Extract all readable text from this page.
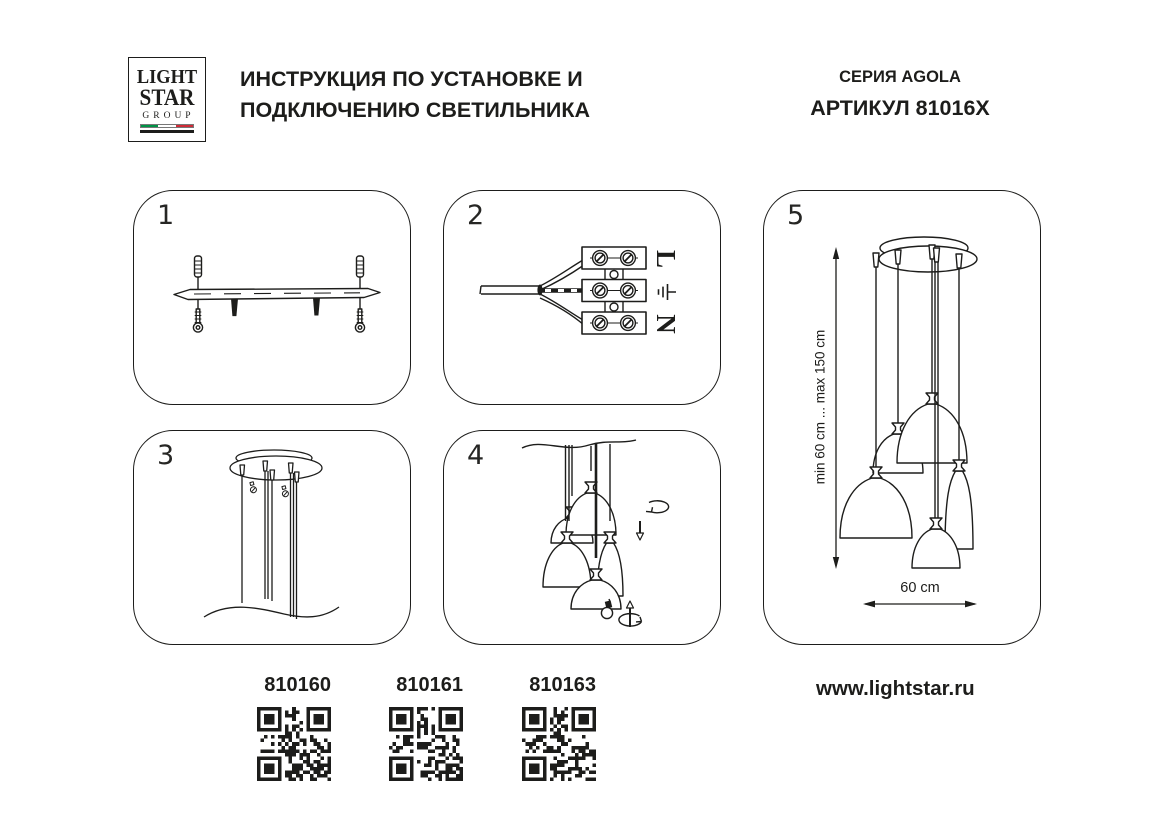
LIGHT
STAR
GROUP
ИНСТРУКЦИЯ ПО УСТАНОВКЕ И
ПОДКЛЮЧЕНИЮ СВЕТИЛЬНИКА
СЕРИЯ AGOLA
АРТИКУЛ 81016X
1
L
N
2
3	4	min 60 cm ... max 150 cm
60 cm
5
810160	810161	810163	www.lightstar.ru
